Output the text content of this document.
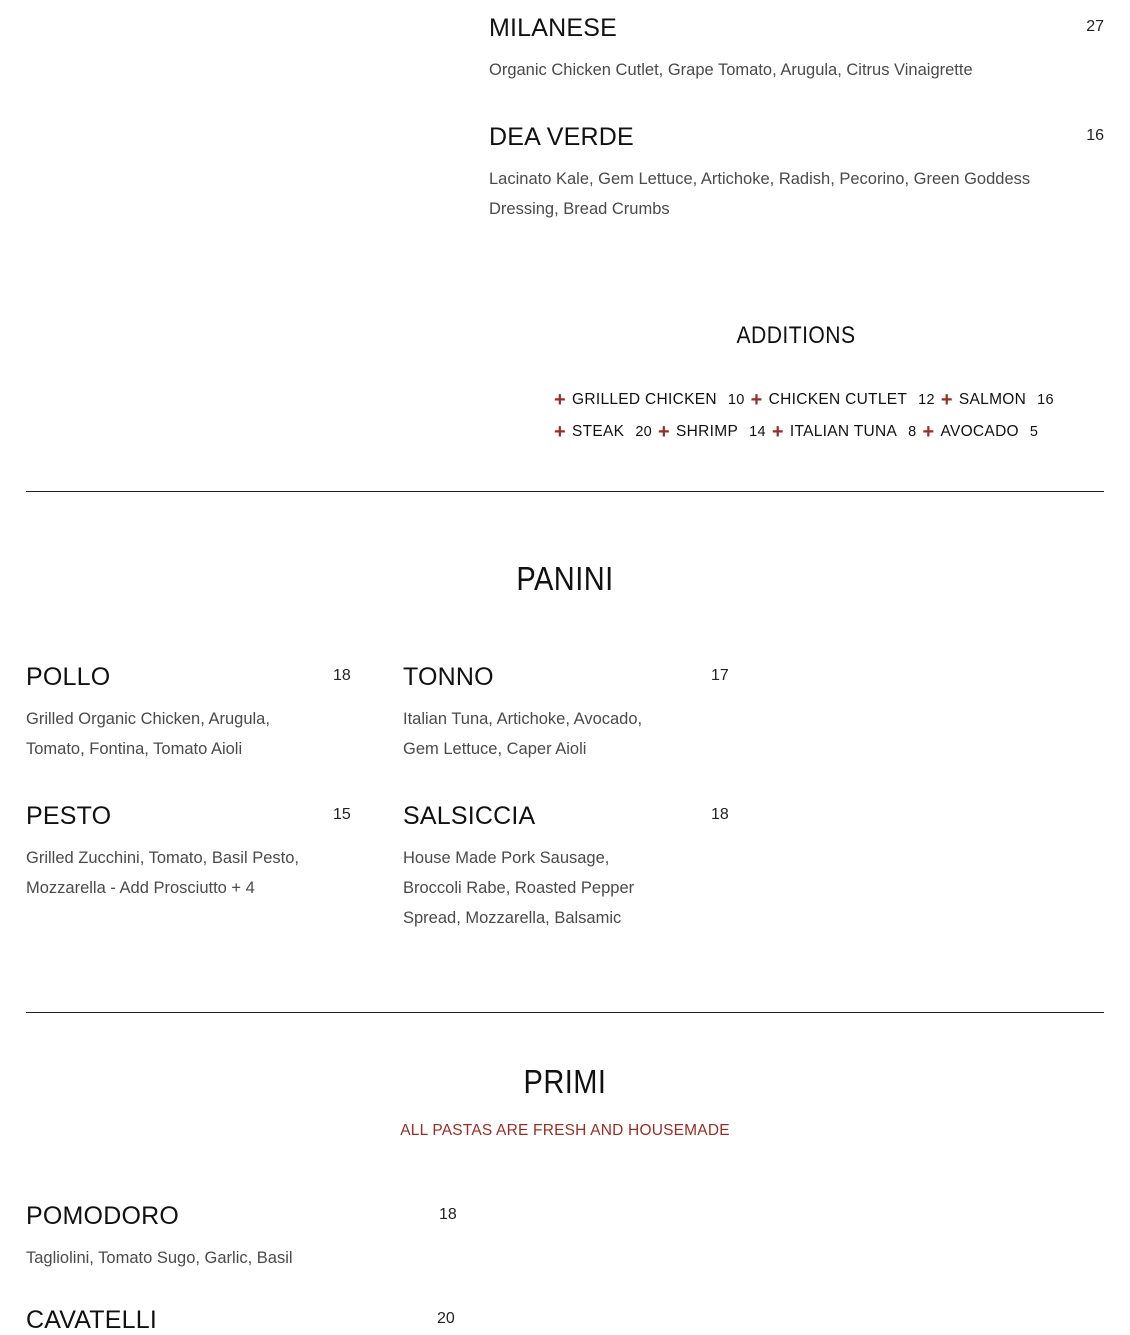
MILANESE	27
Organic Chicken Cutlet, Grape Tomato, Arugula, Citrus Vinaigrette
DEA VERDE	16
Lacinato Kale, Gem Lettuce, Artichoke, Radish, Pecorino, Green Goddess Dressing, Bread Crumbs
ADDITIONS
+ GRILLED CHICKEN 10 + CHICKEN CUTLET 12 + SALMON 16
+ STEAK 20 + SHRIMP 14 + ITALIAN TUNA 8 + AVOCADO 5
PANINI
POLLO	18
Grilled Organic Chicken, Arugula, Tomato, Fontina, Tomato Aioli
TONNO	17
Italian Tuna, Artichoke, Avocado, Gem Lettuce, Caper Aioli
PESTO	15
Grilled Zucchini, Tomato, Basil Pesto, Mozzarella - Add Prosciutto + 4
SALSICCIA	18
House Made Pork Sausage, Broccoli Rabe, Roasted Pepper Spread, Mozzarella, Balsamic
PRIMI
ALL PASTAS ARE FRESH AND HOUSEMADE
POMODORO	18
Tagliolini, Tomato Sugo, Garlic, Basil
CAVATELLI	20
